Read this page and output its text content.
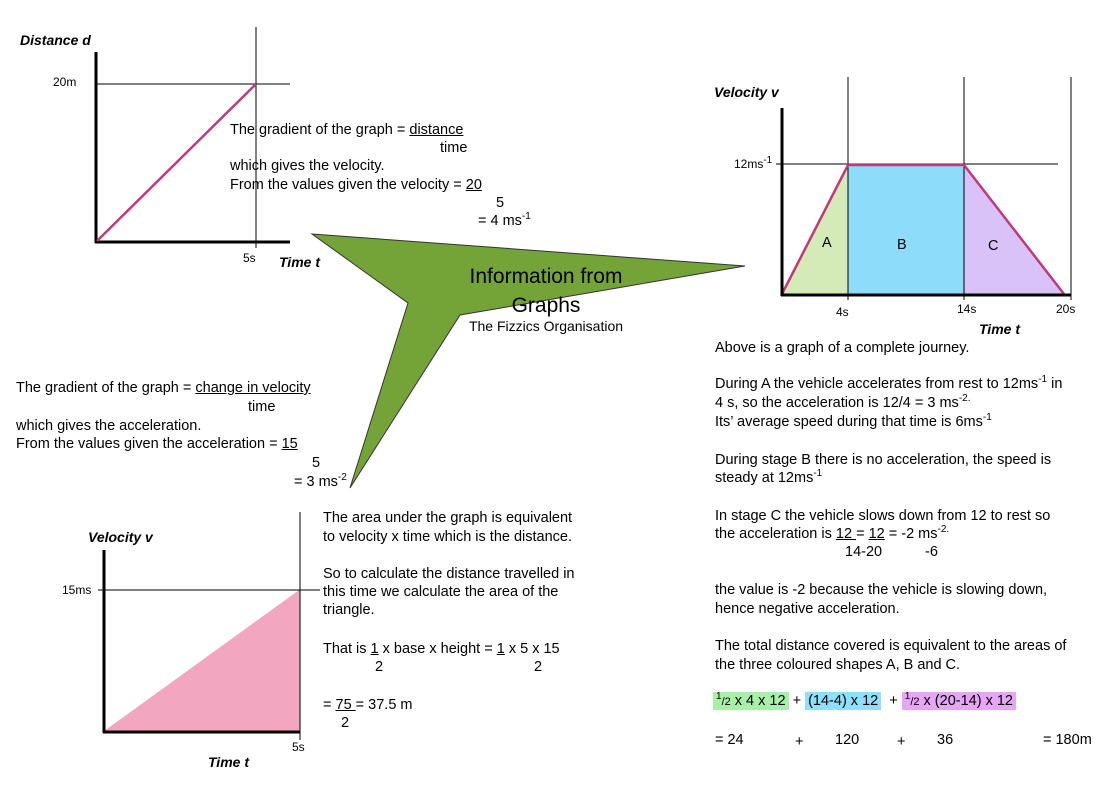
Information from
Graphs
The Fizzics Organisation
Distance d
20m
5s Time t
The gradient of the graph = distance
time
which gives the velocity.
From the values given the velocity = 20
5
= 4 $ms^{-1}$
The gradient of the graph = change in velocity
time
which gives the acceleration.
From the values given the acceleration = 15
5
= 3 $ms^{-2}$
Velocity v
15ms
5s
Time t
The area under the graph is equivalent
to velocity x time which is the distance.
So to calculate the distance travelled in
this time we calculate the area of the
triangle.
That is 1 x base x height = 1 x 5 x 15
2	2
= 75 = 37.5 m
2
Velocity v
$12ms^{-1}$
4s	14s	20s
Time t
A	B	C
Above is a graph of a complete journey.
During A the vehicle accelerates from rest to $12ms^{-1}$ in
4 s, so the acceleration is 12/4 = 3 $ms^{-2.}$
Its’ average speed during that time is $6ms^{-1}$
During stage B there is no acceleration, the speed is
steady at $12ms^{-1}$
In stage C the vehicle slows down from 12 to rest so
the acceleration is 12 = 12 = -2 $ms^{-2.}$
14-20	-6
the value is -2 because the vehicle is slowing down,
hence negative acceleration.
The total distance covered is equivalent to the areas of
the three coloured shapes A, B and C.
$^1$/2 x 4 x 12 + (14-4) x 12 + $^1$/2 x (20-14) x 12
= 24	+ 120	+ 36	= 180m
